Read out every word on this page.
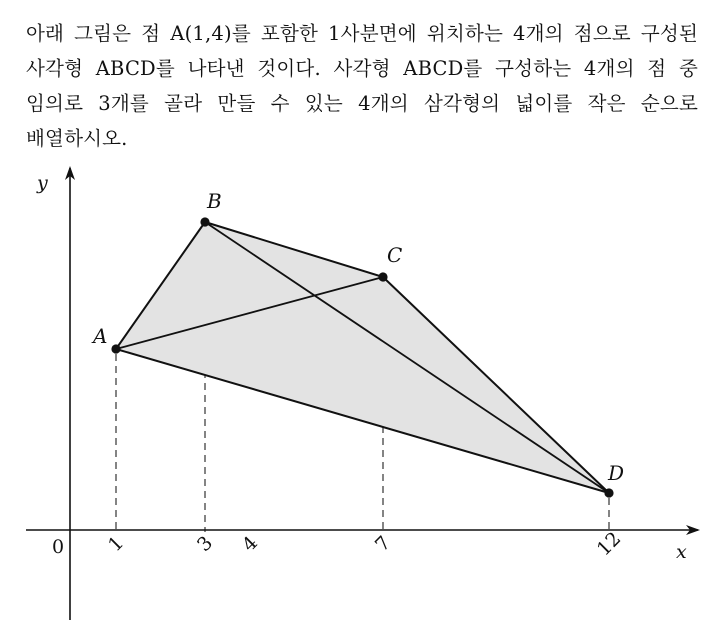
아래 그림은 점 A(1,4)를 포함한 1사분면에 위치하는 4개의 점으로 구성된 사각형 ABCD를 나타낸 것이다. 사각형 ABCD를 구성하는 4개의 점 중 임의로 3개를 골라 만들 수 있는 4개의 삼각형의 넓이를 작은 순으로 배열하시오.

x
y
0 1	3 4	7	12
A
B
C
D
